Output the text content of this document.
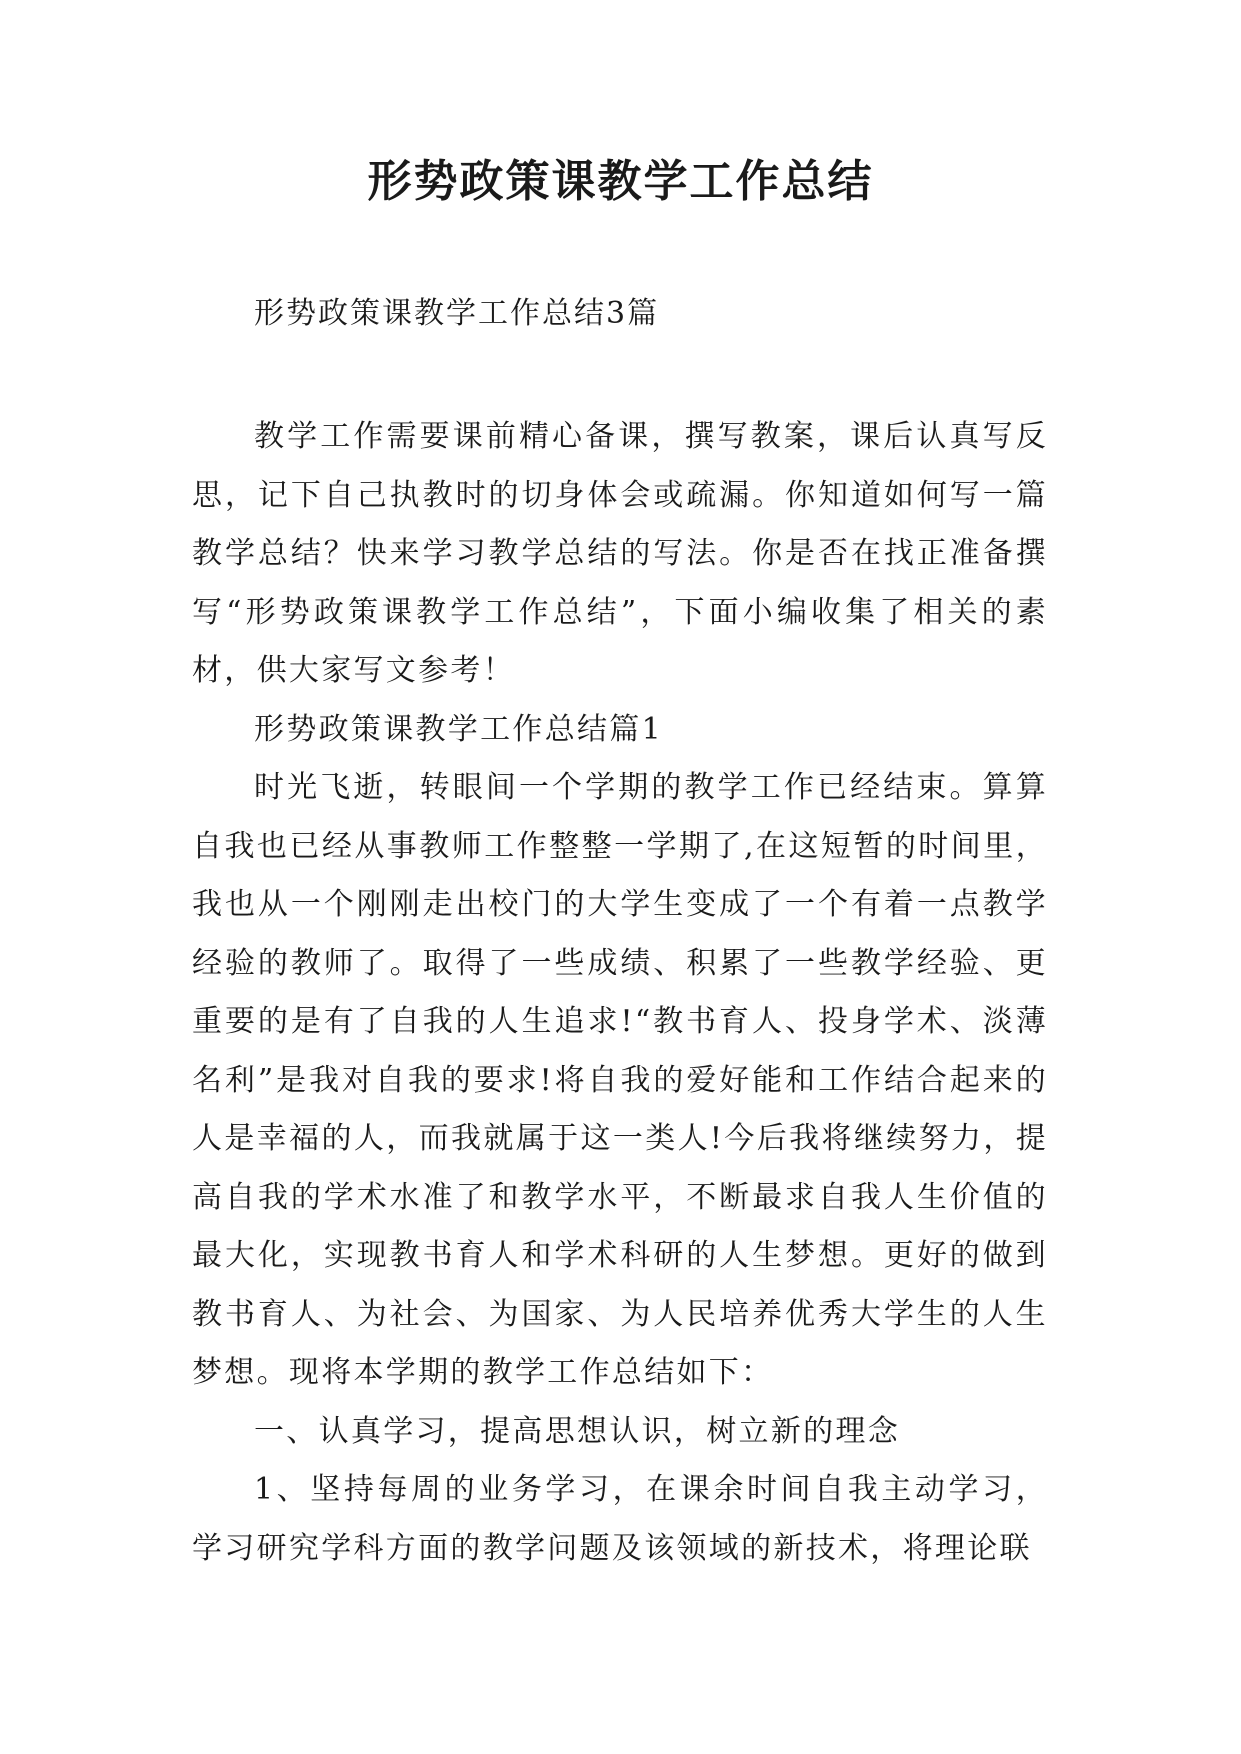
形势政策课教学工作总结

形势政策课教学工作总结3篇

教学工作需要课前精心备课，撰写教案，课后认真写反思，记下自己执教时的切身体会或疏漏。你知道如何写一篇教学总结？快来学习教学总结的写法。你是否在找正准备撰写“形势政策课教学工作总结”，下面小编收集了相关的素材，供大家写文参考！

形势政策课教学工作总结篇1

时光飞逝，转眼间一个学期的教学工作已经结束。算算自我也已经从事教师工作整整一学期了,在这短暂的时间里，我也从一个刚刚走出校门的大学生变成了一个有着一点教学经验的教师了。取得了一些成绩、积累了一些教学经验、更重要的是有了自我的人生追求!“教书育人、投身学术、淡薄名利”是我对自我的要求!将自我的爱好能和工作结合起来的人是幸福的人，而我就属于这一类人!今后我将继续努力，提高自我的学术水准了和教学水平，不断最求自我人生价值的最大化，实现教书育人和学术科研的人生梦想。更好的做到教书育人、为社会、为国家、为人民培养优秀大学生的人生梦想。现将本学期的教学工作总结如下：

一、认真学习，提高思想认识，树立新的理念

1、坚持每周的业务学习，在课余时间自我主动学习，学习研究学科方面的教学问题及该领域的新技术，将理论联
